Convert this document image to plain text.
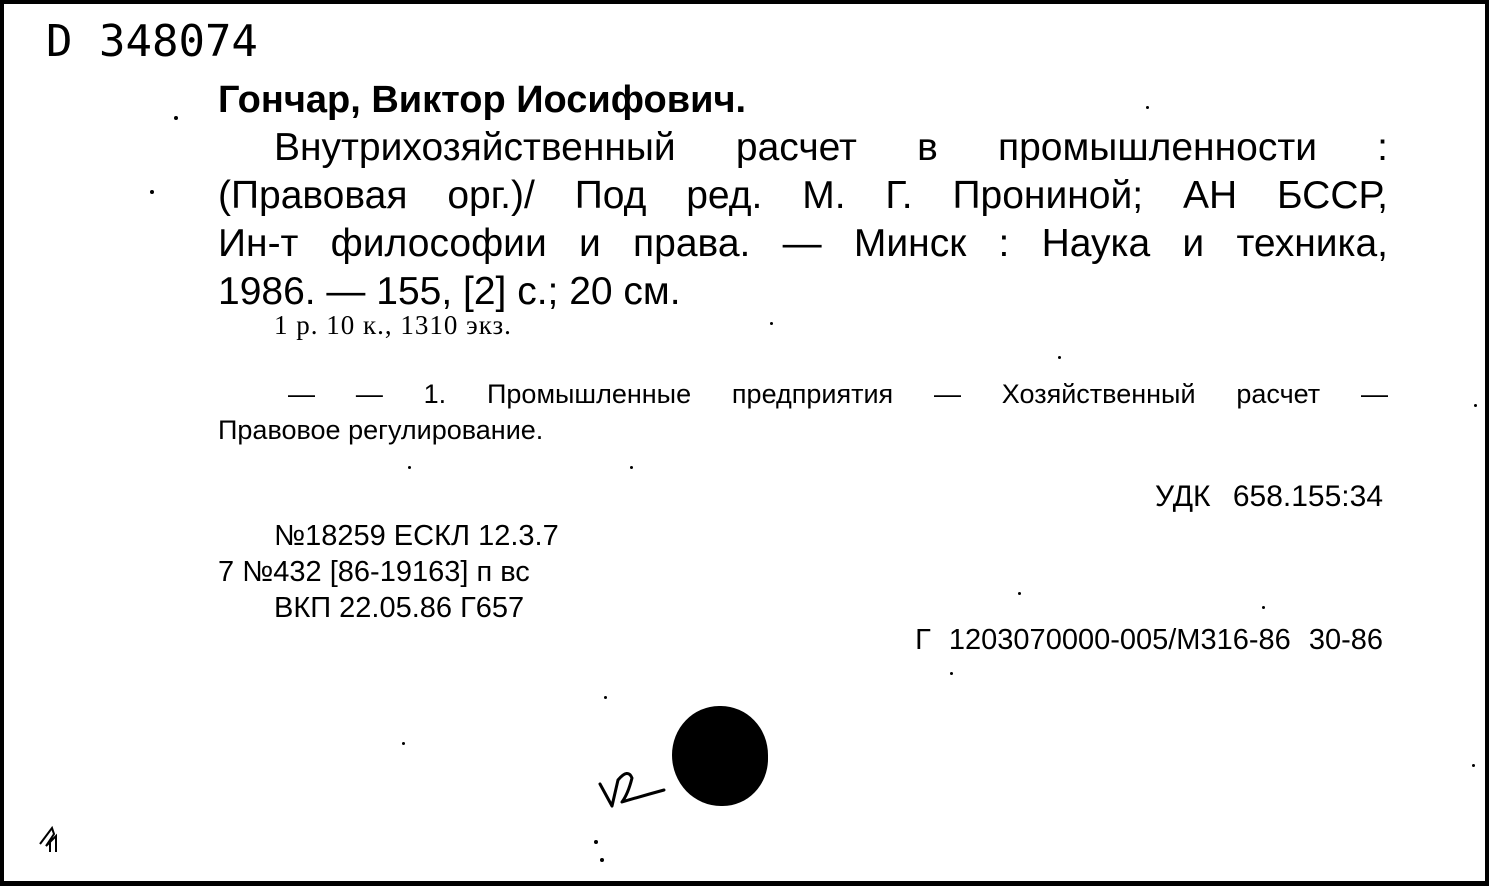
D 348074
Гончар, Виктор Иосифович.
Внутрихозяйственный расчет в промышленности :
(Правовая орг.)/ Под ред. М. Г. Прониной; АН БССР,
Ин-т философии и права. — Минск : Наука и техника,
1986. — 155, [2] с.; 20 см.
1 р. 10 к., 1310 экз.
— — 1. Промышленные предприятия — Хозяйственный расчет —
Правовое регулирование.
УДК 658.155:34
№18259 ЕСКЛ 12.3.7
7 №432 [86-19163] п вс
ВКП 22.05.86 Г657
Г 1203070000-005/М316-86 30-86
